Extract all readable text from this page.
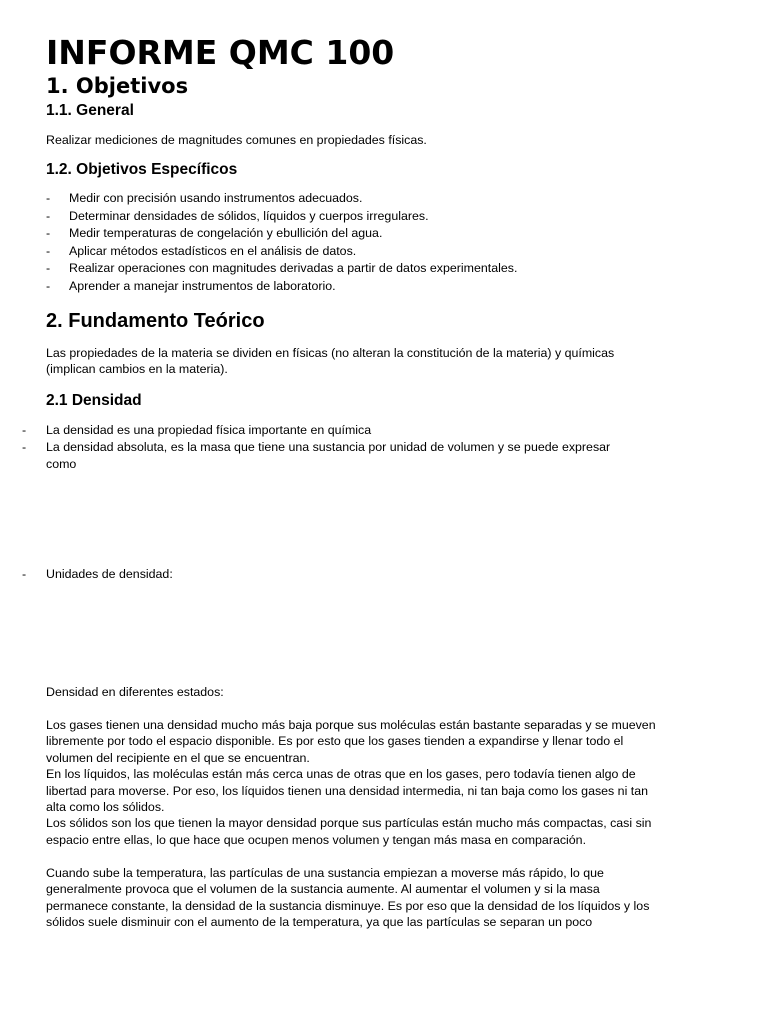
INFORME QMC 100
1. Objetivos
1.1. General

Realizar mediciones de magnitudes comunes en propiedades físicas.

1.2. Objetivos Específicos
- Medir con precisión usando instrumentos adecuados.
- Determinar densidades de sólidos, líquidos y cuerpos irregulares.
- Medir temperaturas de congelación y ebullición del agua.
- Aplicar métodos estadísticos en el análisis de datos.
- Realizar operaciones con magnitudes derivadas a partir de datos experimentales.
- Aprender a manejar instrumentos de laboratorio.
2. Fundamento Teórico

Las propiedades de la materia se dividen en físicas (no alteran la constitución de la materia) y químicas (implican cambios en la materia).

2.1 Densidad
- La densidad es una propiedad física importante en química
- La densidad absoluta, es la masa que tiene una sustancia por unidad de volumen y se puede expresar como
- Unidades de densidad:

Densidad en diferentes estados:

Los gases tienen una densidad mucho más baja porque sus moléculas están bastante separadas y se mueven libremente por todo el espacio disponible. Es por esto que los gases tienden a expandirse y llenar todo el volumen del recipiente en el que se encuentran.
En los líquidos, las moléculas están más cerca unas de otras que en los gases, pero todavía tienen algo de libertad para moverse. Por eso, los líquidos tienen una densidad intermedia, ni tan baja como los gases ni tan alta como los sólidos.
Los sólidos son los que tienen la mayor densidad porque sus partículas están mucho más compactas, casi sin espacio entre ellas, lo que hace que ocupen menos volumen y tengan más masa en comparación.

Cuando sube la temperatura, las partículas de una sustancia empiezan a moverse más rápido, lo que generalmente provoca que el volumen de la sustancia aumente. Al aumentar el volumen y si la masa permanece constante, la densidad de la sustancia disminuye. Es por eso que la densidad de los líquidos y los sólidos suele disminuir con el aumento de la temperatura, ya que las partículas se separan un poco
